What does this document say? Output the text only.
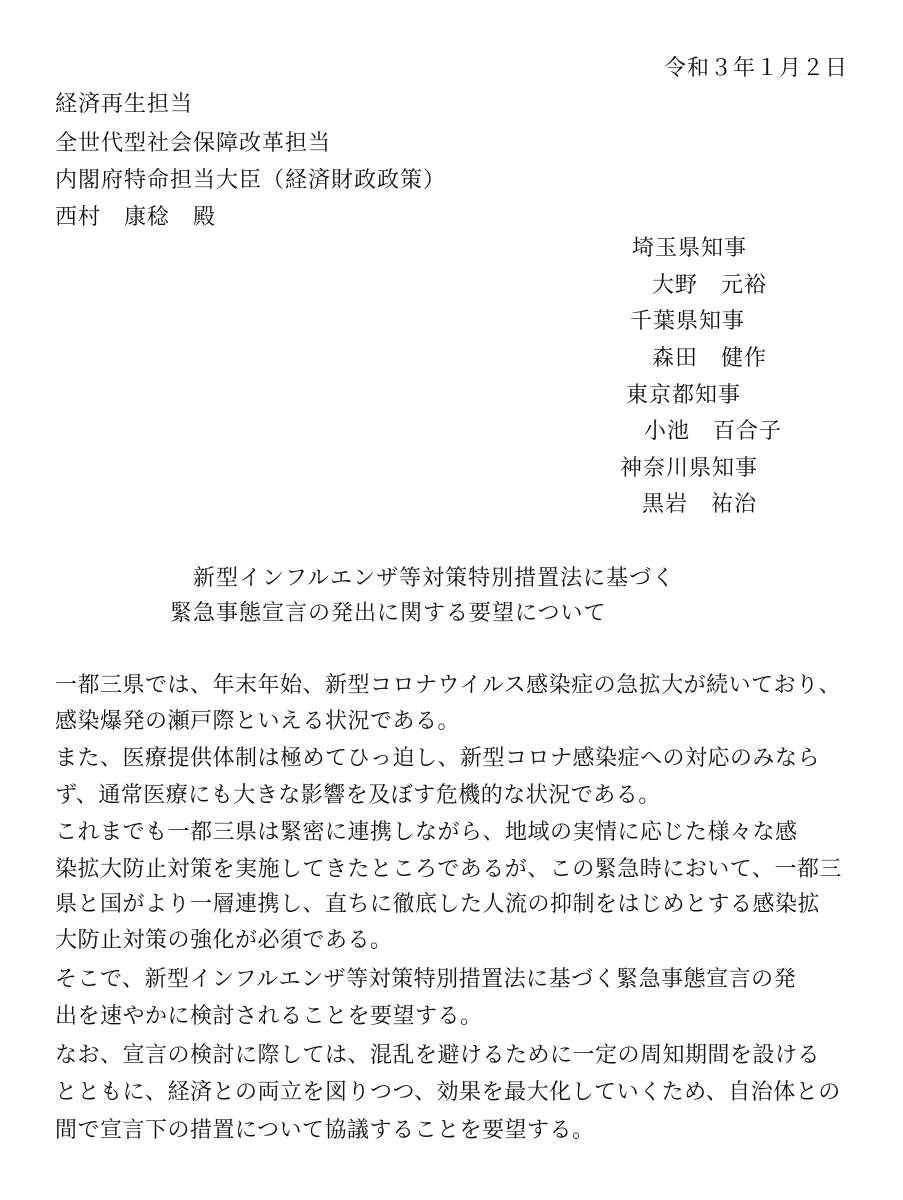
令和３年１月２日
経済再生担当
全世代型社会保障改革担当
内閣府特命担当大臣（経済財政政策）
西村　康稔　殿
埼玉県知事
大野　元裕
千葉県知事
森田　健作
東京都知事
小池　百合子
神奈川県知事
黒岩　祐治
新型インフルエンザ等対策特別措置法に基づく
緊急事態宣言の発出に関する要望について
一都三県では、年末年始、新型コロナウイルス感染症の急拡大が続いており、
感染爆発の瀬戸際といえる状況である。
また、医療提供体制は極めてひっ迫し、新型コロナ感染症への対応のみなら
ず、通常医療にも大きな影響を及ぼす危機的な状況である。
これまでも一都三県は緊密に連携しながら、地域の実情に応じた様々な感
染拡大防止対策を実施してきたところであるが、この緊急時において、一都三
県と国がより一層連携し、直ちに徹底した人流の抑制をはじめとする感染拡
大防止対策の強化が必須である。
そこで、新型インフルエンザ等対策特別措置法に基づく緊急事態宣言の発
出を速やかに検討されることを要望する。
なお、宣言の検討に際しては、混乱を避けるために一定の周知期間を設ける
とともに、経済との両立を図りつつ、効果を最大化していくため、自治体との
間で宣言下の措置について協議することを要望する。
